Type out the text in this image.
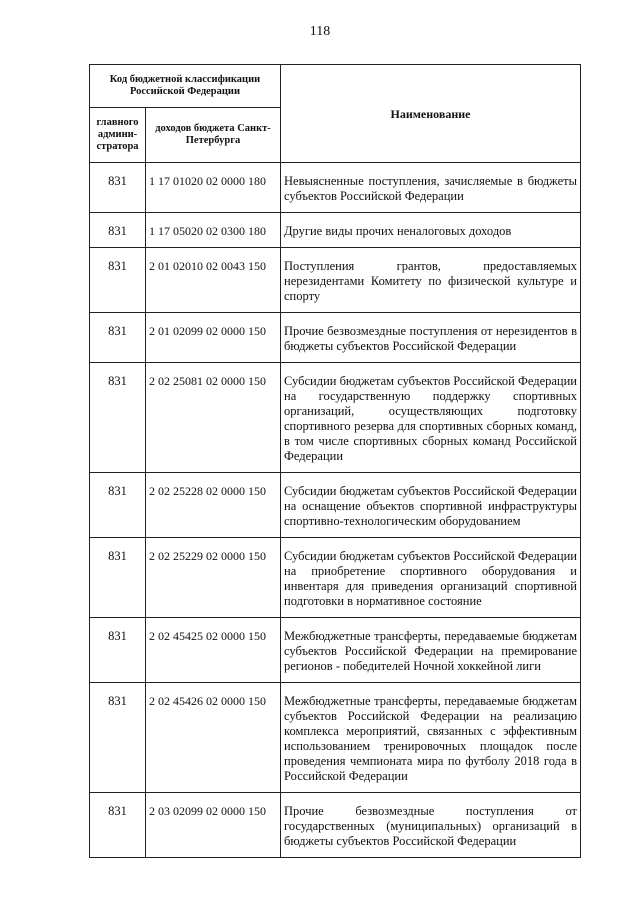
118
Код бюджетной классификации Российской Федерации		Наименование
главного админи-стратора	доходов бюджета Санкт-Петербурга	
831	1 17 01020 02 0000 180	Невыясненные поступления, зачисляемые в бюджеты субъектов Российской Федерации
831	1 17 05020 02 0300 180	Другие виды прочих неналоговых доходов
831	2 01 02010 02 0043 150	Поступления грантов, предоставляемых нерезидентами Комитету по физической культуре и спорту
831	2 01 02099 02 0000 150	Прочие безвозмездные поступления от нерезидентов в бюджеты субъектов Российской Федерации
831	2 02 25081 02 0000 150	Субсидии бюджетам субъектов Российской Федерации на государственную поддержку спортивных организаций, осуществляющих подготовку спортивного резерва для спортивных сборных команд, в том числе спортивных сборных команд Российской Федерации
831	2 02 25228 02 0000 150	Субсидии бюджетам субъектов Российской Федерации на оснащение объектов спортивной инфраструктуры спортивно-технологическим оборудованием
831	2 02 25229 02 0000 150	Субсидии бюджетам субъектов Российской Федерации на приобретение спортивного оборудования и инвентаря для приведения организаций спортивной подготовки в нормативное состояние
831	2 02 45425 02 0000 150	Межбюджетные трансферты, передаваемые бюджетам субъектов Российской Федерации на премирование регионов - победителей Ночной хоккейной лиги
831	2 02 45426 02 0000 150	Межбюджетные трансферты, передаваемые бюджетам субъектов Российской Федерации на реализацию комплекса мероприятий, связанных с эффективным использованием тренировочных площадок после проведения чемпионата мира по футболу 2018 года в Российской Федерации
831	2 03 02099 02 0000 150	Прочие безвозмездные поступления от государственных (муниципальных) организаций в бюджеты субъектов Российской Федерации
